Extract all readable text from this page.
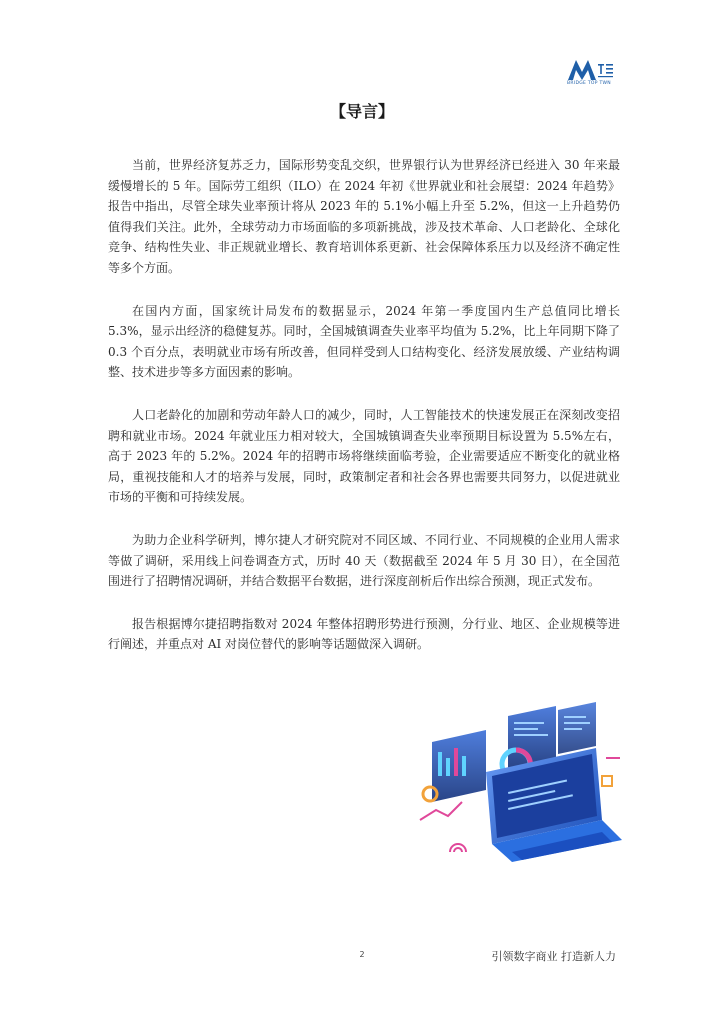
BRIDGE TOP TWN
【导言】

当前，世界经济复苏乏力，国际形势变乱交织，世界银行认为世界经济已经进入 30 年来最缓慢增长的 5 年。国际劳工组织（ILO）在 2024 年初《世界就业和社会展望：2024 年趋势》报告中指出，尽管全球失业率预计将从 2023 年的 5.1%小幅上升至 5.2%，但这一上升趋势仍值得我们关注。此外，全球劳动力市场面临的多项新挑战，涉及技术革命、人口老龄化、全球化竞争、结构性失业、非正规就业增长、教育培训体系更新、社会保障体系压力以及经济不确定性等多个方面。

在国内方面，国家统计局发布的数据显示，2024 年第一季度国内生产总值同比增长 5.3%，显示出经济的稳健复苏。同时，全国城镇调查失业率平均值为 5.2%，比上年同期下降了 0.3 个百分点，表明就业市场有所改善，但同样受到人口结构变化、经济发展放缓、产业结构调整、技术进步等多方面因素的影响。

人口老龄化的加剧和劳动年龄人口的减少，同时，人工智能技术的快速发展正在深刻改变招聘和就业市场。2024 年就业压力相对较大，全国城镇调查失业率预期目标设置为 5.5%左右，高于 2023 年的 5.2%。2024 年的招聘市场将继续面临考验，企业需要适应不断变化的就业格局，重视技能和人才的培养与发展，同时，政策制定者和社会各界也需要共同努力，以促进就业市场的平衡和可持续发展。

为助力企业科学研判，博尔捷人才研究院对不同区域、不同行业、不同规模的企业用人需求等做了调研，采用线上问卷调查方式，历时 40 天（数据截至 2024 年 5 月 30 日），在全国范围进行了招聘情况调研，并结合数据平台数据，进行深度剖析后作出综合预测，现正式发布。

报告根据博尔捷招聘指数对 2024 年整体招聘形势进行预测，分行业、地区、企业规模等进行阐述，并重点对 AI 对岗位替代的影响等话题做深入调研。

2	引领数字商业 打造新人力
